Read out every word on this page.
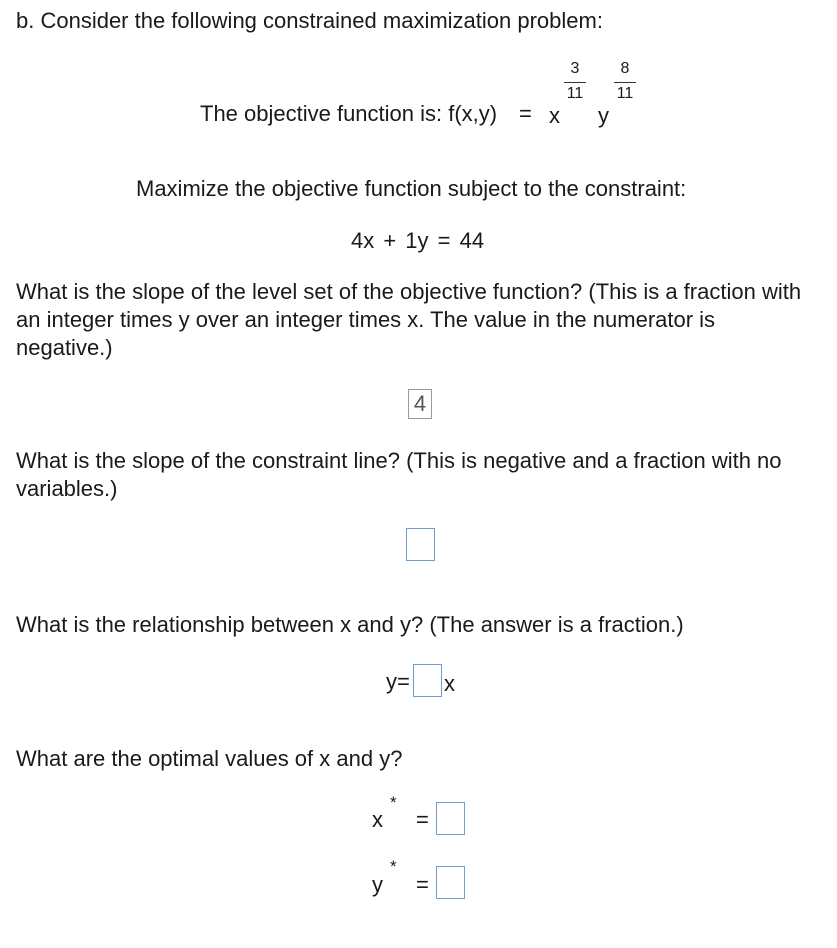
b. Consider the following constrained maximization problem:
The objective function is: f(x,y) = x
3
11
y
8
11
Maximize the objective function subject to the constraint:
4x + 1y = 44
What is the slope of the level set of the objective function? (This is a fraction with an integer times y over an integer times x. The value in the numerator is negative.)
4
What is the slope of the constraint line? (This is negative and a fraction with no variables.)
What is the relationship between x and y? (The answer is a fraction.)
y= x
What are the optimal values of x and y?
x
*
=
y
*
=
